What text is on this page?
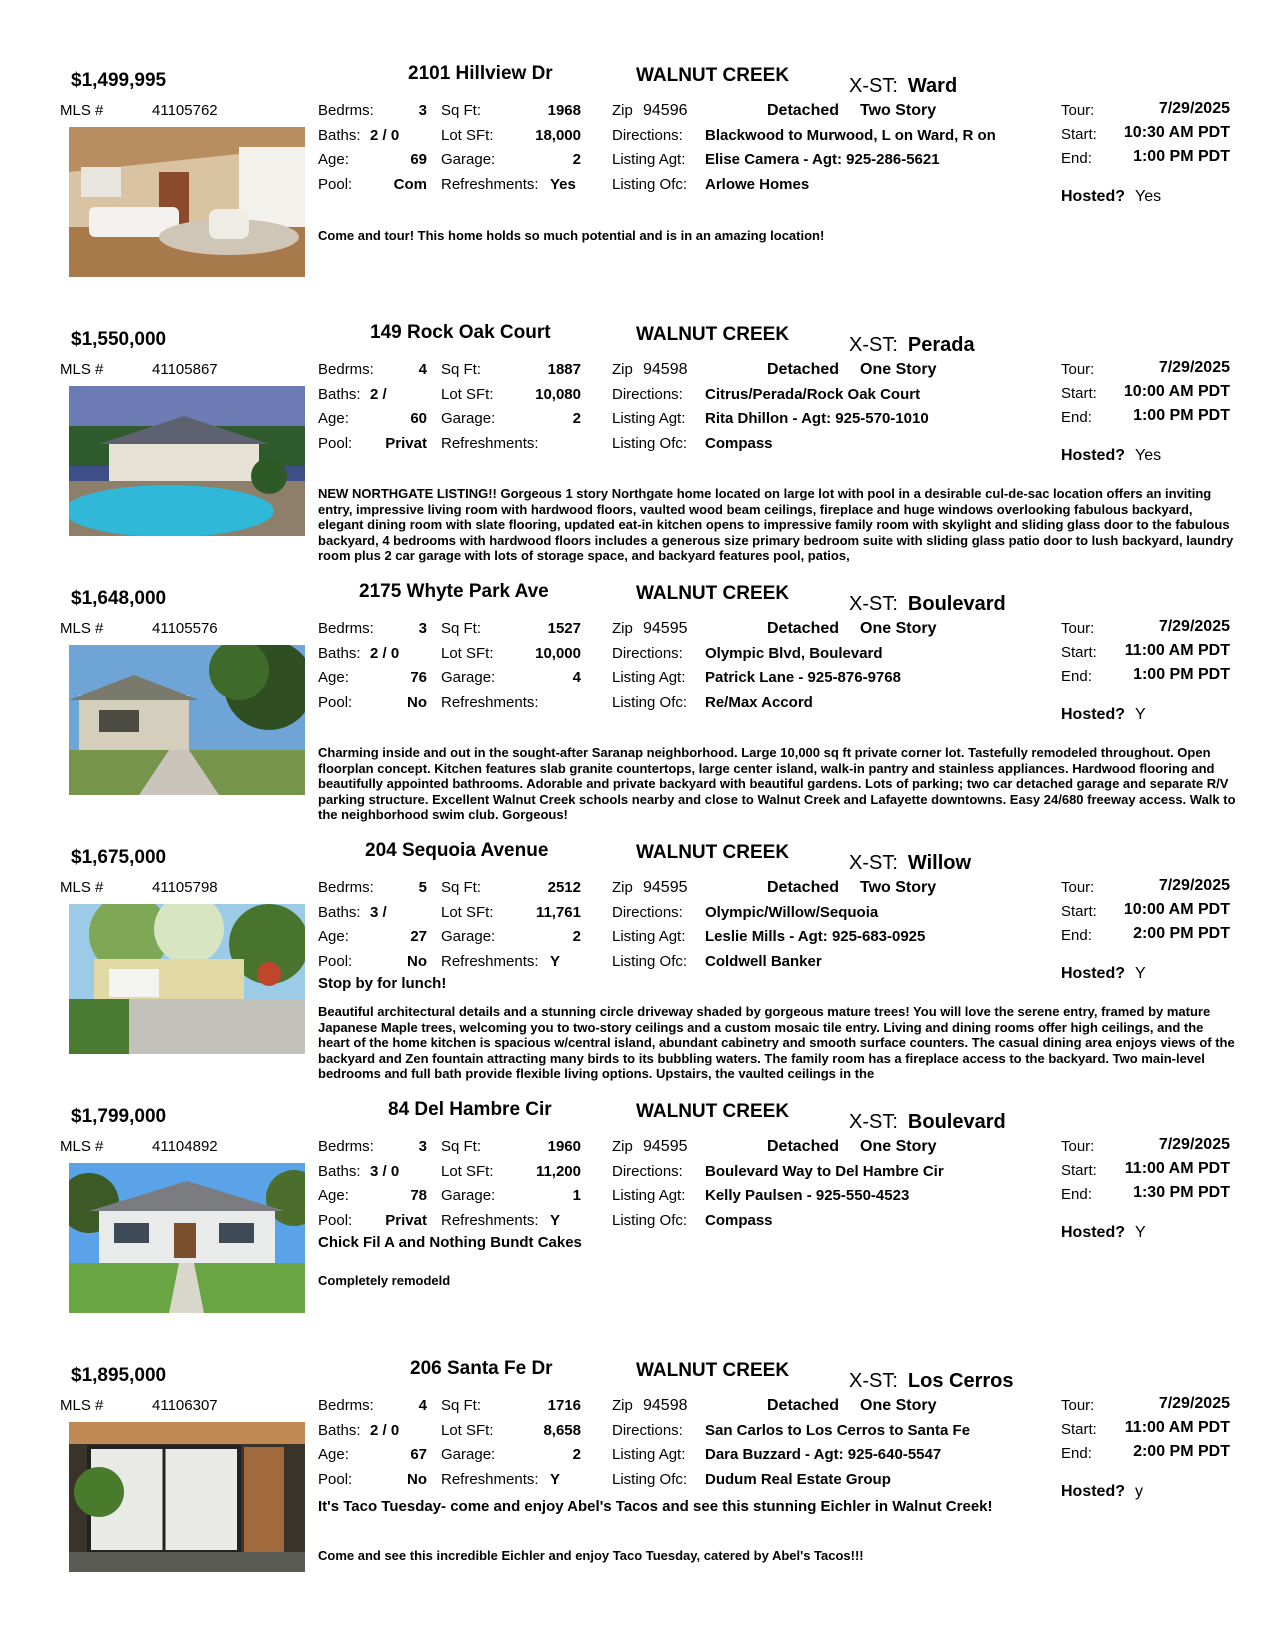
$1,499,995	2101 Hillview Dr	WALNUT CREEK	X-ST: Ward
MLS #	41105762	Bedrms:	3 Sq Ft:	1968
Baths: 2 / 0	Lot SFt:	18,000
Age:	69 Garage:	2
Pool:	Com Refreshments: Yes
Zip 94596	Detached Two Story
Directions: Blackwood to Murwood, L on Ward, R on
Listing Agt: Elise Camera - Agt: 925-286-5621
Listing Ofc: Arlowe Homes
Tour:	7/29/2025
Start:	10:30 AM PDT
End:	1:00 PM PDT
Hosted? Yes
Come and tour! This home holds so much potential and is in an amazing location!
$1,550,000	149 Rock Oak Court	WALNUT CREEK	X-ST: Perada
MLS #	41105867	Bedrms:	4 Sq Ft:	1887
Baths: 2 /	Lot SFt:	10,080
Age:	60 Garage:	2
Pool:	Privat Refreshments:
Zip 94598	Detached One Story
Directions: Citrus/Perada/Rock Oak Court
Listing Agt: Rita Dhillon - Agt: 925-570-1010
Listing Ofc: Compass
Tour:	7/29/2025
Start:	10:00 AM PDT
End:	1:00 PM PDT
Hosted? Yes
NEW NORTHGATE LISTING!! Gorgeous 1 story Northgate home located on large lot with pool in a desirable cul-de-sac location offers an inviting entry, impressive living room with hardwood floors, vaulted wood beam ceilings, fireplace and huge windows overlooking fabulous backyard, elegant dining room with slate flooring, updated eat-in kitchen opens to impressive family room with skylight and sliding glass door to the fabulous backyard, 4 bedrooms with hardwood floors includes a generous size primary bedroom suite with sliding glass patio door to lush backyard, laundry room plus 2 car garage with lots of storage space, and backyard features pool, patios,
$1,648,000	2175 Whyte Park Ave	WALNUT CREEK	X-ST: Boulevard
MLS #	41105576	Bedrms:	3 Sq Ft:	1527
Baths: 2 / 0	Lot SFt:	10,000
Age:	76 Garage:	4
Pool:	No Refreshments:
Zip 94595	Detached One Story
Directions: Olympic Blvd, Boulevard
Listing Agt: Patrick Lane - 925-876-9768
Listing Ofc: Re/Max Accord
Tour:	7/29/2025
Start:	11:00 AM PDT
End:	1:00 PM PDT
Hosted? Y
Charming inside and out in the sought-after Saranap neighborhood. Large 10,000 sq ft private corner lot. Tastefully remodeled throughout. Open floorplan concept. Kitchen features slab granite countertops, large center island, walk-in pantry and stainless appliances. Hardwood flooring and beautifully appointed bathrooms. Adorable and private backyard with beautiful gardens. Lots of parking; two car detached garage and separate R/V parking structure. Excellent Walnut Creek schools nearby and close to Walnut Creek and Lafayette downtowns. Easy 24/680 freeway access. Walk to the neighborhood swim club. Gorgeous!
$1,675,000	204 Sequoia Avenue	WALNUT CREEK	X-ST: Willow
MLS #	41105798	Bedrms:	5 Sq Ft:	2512
Baths: 3 /	Lot SFt:	11,761
Age:	27 Garage:	2
Pool:	No Refreshments: Y
Zip 94595	Detached Two Story
Directions: Olympic/Willow/Sequoia
Listing Agt: Leslie Mills - Agt: 925-683-0925
Listing Ofc: Coldwell Banker
Tour:	7/29/2025
Start:	10:00 AM PDT
End:	2:00 PM PDT
Hosted? Y
Stop by for lunch!
Beautiful architectural details and a stunning circle driveway shaded by gorgeous mature trees! You will love the serene entry, framed by mature Japanese Maple trees, welcoming you to two-story ceilings and a custom mosaic tile entry. Living and dining rooms offer high ceilings, and the heart of the home kitchen is spacious w/central island, abundant cabinetry and smooth surface counters. The casual dining area enjoys views of the backyard and Zen fountain attracting many birds to its bubbling waters. The family room has a fireplace access to the backyard. Two main-level bedrooms and full bath provide flexible living options. Upstairs, the vaulted ceilings in the
$1,799,000	84 Del Hambre Cir	WALNUT CREEK	X-ST: Boulevard
MLS #	41104892	Bedrms:	3 Sq Ft:	1960
Baths: 3 / 0	Lot SFt:	11,200
Age:	78 Garage:	1
Pool:	Privat Refreshments: Y
Zip 94595	Detached One Story
Directions: Boulevard Way to Del Hambre Cir
Listing Agt: Kelly Paulsen - 925-550-4523
Listing Ofc: Compass
Tour:	7/29/2025
Start:	11:00 AM PDT
End:	1:30 PM PDT
Hosted? Y
Chick Fil A and Nothing Bundt Cakes
Completely remodeld
$1,895,000	206 Santa Fe Dr	WALNUT CREEK	X-ST: Los Cerros
MLS #	41106307	Bedrms:	4 Sq Ft:	1716
Baths: 2 / 0	Lot SFt:	8,658
Age:	67 Garage:	2
Pool:	No Refreshments: Y
Zip 94598	Detached One Story
Directions: San Carlos to Los Cerros to Santa Fe
Listing Agt: Dara Buzzard - Agt: 925-640-5547
Listing Ofc: Dudum Real Estate Group
Tour:	7/29/2025
Start:	11:00 AM PDT
End:	2:00 PM PDT
Hosted? y
It's Taco Tuesday- come and enjoy Abel's Tacos and see this stunning Eichler in Walnut Creek!
Come and see this incredible Eichler and enjoy Taco Tuesday, catered by Abel's Tacos!!!
